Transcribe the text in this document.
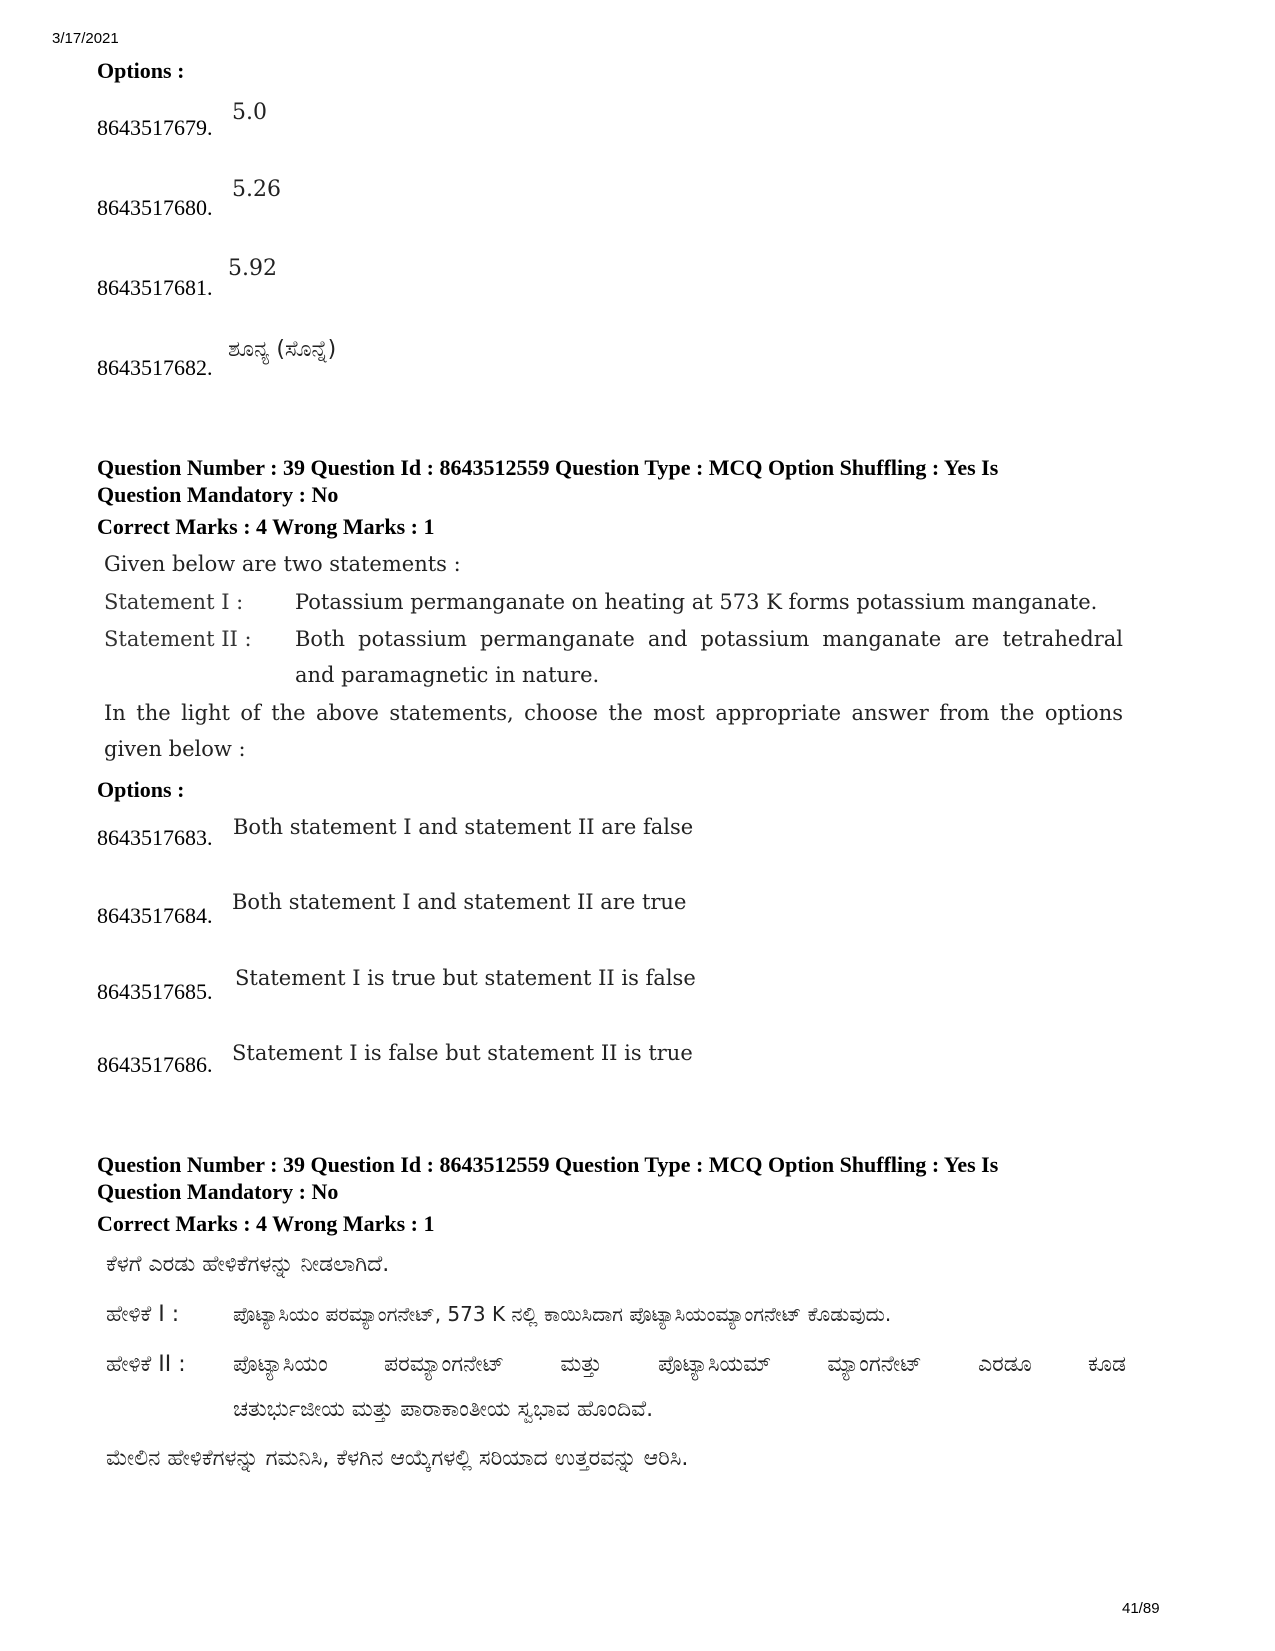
3/17/2021
41/89
Options :
8643517679.
5.0
8643517680.
5.26
8643517681.
5.92
8643517682.
ಶೂನ್ಯ (ಸೊನ್ನೆ)
Question Number : 39 Question Id : 8643512559 Question Type : MCQ Option Shuffling : Yes Is
Question Mandatory : No
Correct Marks : 4 Wrong Marks : 1
Given below are two statements :
Statement I : Potassium permanganate on heating at 573 K forms potassium manganate.
Statement II : Both potassium permanganate and potassium manganate are tetrahedral
and paramagnetic in nature.
In the light of the above statements, choose the most appropriate answer from the options
given below :
Options :
8643517683. Both statement I and statement II are false
8643517684.
Both statement I and statement II are true
8643517685.
Statement I is true but statement II is false
8643517686. Statement I is false but statement II is true
Question Number : 39 Question Id : 8643512559 Question Type : MCQ Option Shuffling : Yes Is
Question Mandatory : No
Correct Marks : 4 Wrong Marks : 1
ಕೆಳಗೆ ಎರಡು ಹೇಳಿಕೆಗಳನ್ನು ನೀಡಲಾಗಿದೆ.
ಹೇಳಿಕೆ I :	ಪೊಟ್ಯಾಸಿಯಂ ಪರಮ್ಯಾಂಗನೇಟ್, 573 K ನಲ್ಲಿ ಕಾಯಿಸಿದಾಗ ಪೊಟ್ಯಾಸಿಯಂಮ್ಯಾಂಗನೇಟ್ ಕೊಡುವುದು.
ಹೇಳಿಕೆ II : ಪೊಟ್ಯಾಸಿಯಂ ಪರಮ್ಯಾಂಗನೇಟ್ ಮತ್ತು ಪೊಟ್ಯಾಸಿಯಮ್ ಮ್ಯಾಂಗನೇಟ್ ಎರಡೂ ಕೂಡ
ಚತುರ್ಭುಜೀಯ ಮತ್ತು ಪಾರಾಕಾಂತೀಯ ಸ್ವಭಾವ ಹೊಂದಿವೆ.
ಮೇಲಿನ ಹೇಳಿಕೆಗಳನ್ನು ಗಮನಿಸಿ, ಕೆಳಗಿನ ಆಯ್ಕೆಗಳಲ್ಲಿ ಸರಿಯಾದ ಉತ್ತರವನ್ನು ಆರಿಸಿ.
